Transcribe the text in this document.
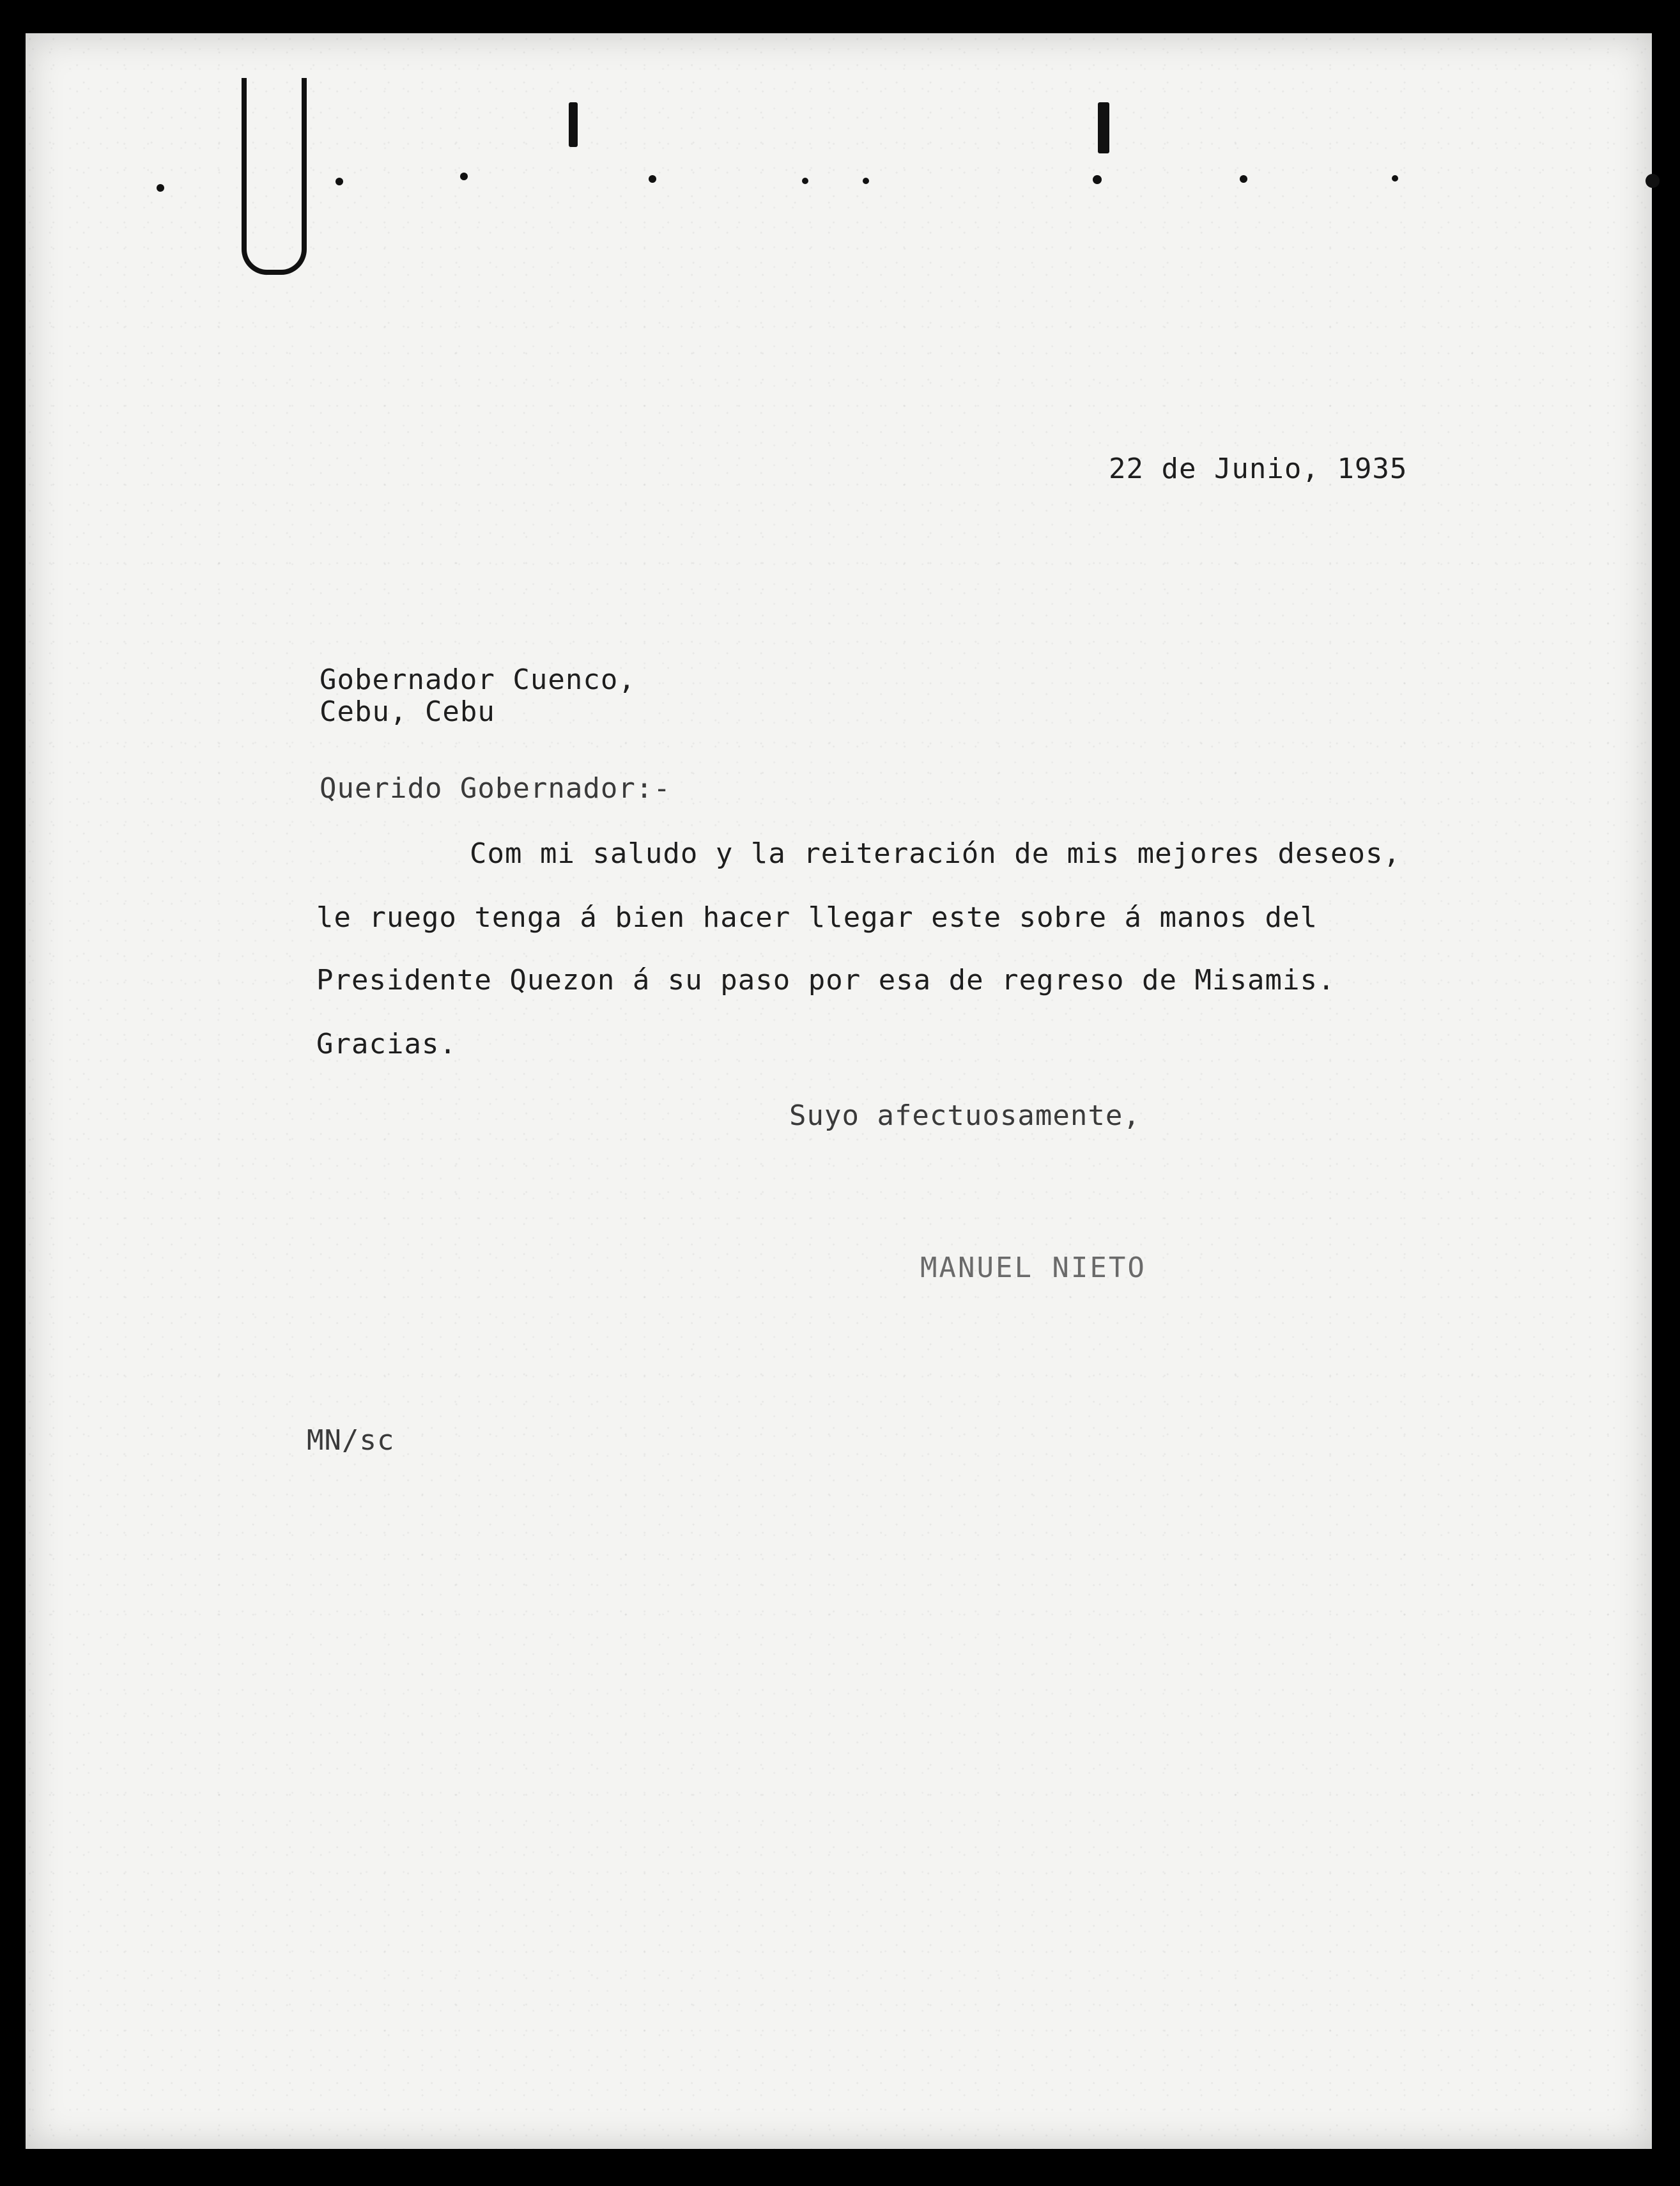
22 de Junio, 1935
Gobernador Cuenco,
Cebu, Cebu
Querido Gobernador:-
Com mi saludo y la reiteración de mis mejores deseos,
le ruego tenga á bien hacer llegar este sobre á manos del
Presidente Quezon á su paso por esa de regreso de Misamis.
Gracias.
Suyo afectuosamente,
MANUEL NIETO
MN/sc
